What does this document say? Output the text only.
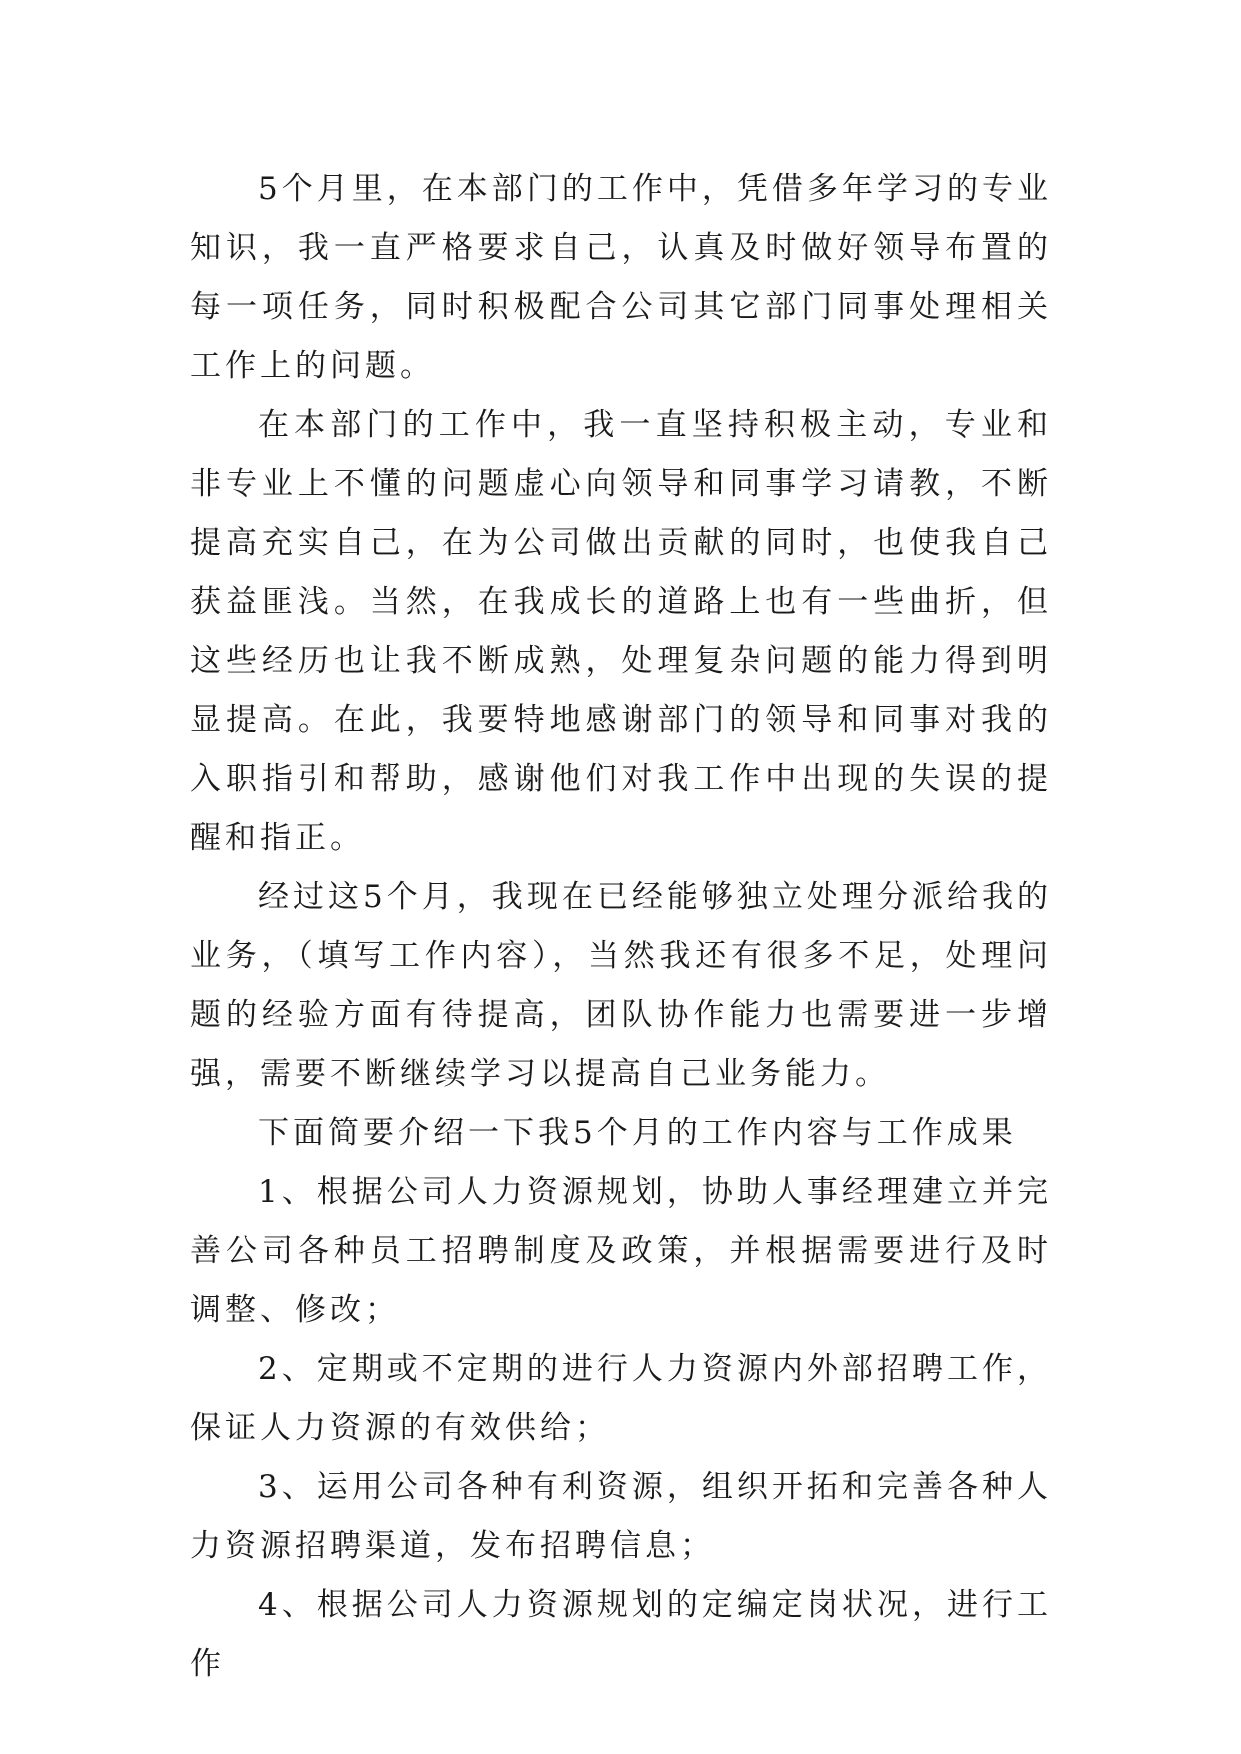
5个月里，在本部门的工作中，凭借多年学习的专业知识，我一直严格要求自己，认真及时做好领导布置的每一项任务，同时积极配合公司其它部门同事处理相关工作上的问题。

在本部门的工作中，我一直坚持积极主动，专业和非专业上不懂的问题虚心向领导和同事学习请教，不断提高充实自己，在为公司做出贡献的同时，也使我自己获益匪浅。当然，在我成长的道路上也有一些曲折，但这些经历也让我不断成熟，处理复杂问题的能力得到明显提高。在此，我要特地感谢部门的领导和同事对我的入职指引和帮助，感谢他们对我工作中出现的失误的提醒和指正。

经过这5个月，我现在已经能够独立处理分派给我的业务，（填写工作内容），当然我还有很多不足，处理问题的经验方面有待提高，团队协作能力也需要进一步增强，需要不断继续学习以提高自己业务能力。

下面简要介绍一下我5个月的工作内容与工作成果

1、根据公司人力资源规划，协助人事经理建立并完善公司各种员工招聘制度及政策，并根据需要进行及时调整、修改；

2、定期或不定期的进行人力资源内外部招聘工作，保证人力资源的有效供给；

3、运用公司各种有利资源，组织开拓和完善各种人力资源招聘渠道，发布招聘信息；

4、根据公司人力资源规划的定编定岗状况，进行工作
